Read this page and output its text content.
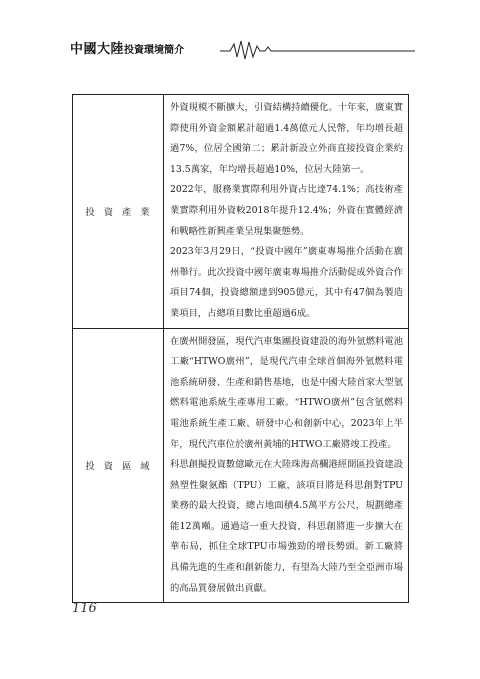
中國大陸投資環境簡介
投資產業	外資規模不斷擴大，引資結構持續優化。十年來，廣東實際使用外資金額累計超過1.4萬億元人民幣，年均增長超過7%，位居全國第二；累計新設立外商直接投資企業約13.5萬家，年均增長超過10%，位居大陸第一。

2022年，服務業實際利用外資占比達74.1%；高技術產業實際利用外資較2018年提升12.4%；外資在實體經濟和戰略性新興產業呈現集聚態勢。

2023年3月29日，“投資中國年”廣東專場推介活動在廣州舉行。此次投資中國年廣東專場推介活動促成外資合作項目74個，投資總額達到905億元，其中有47個為製造業項目，占總項目數比重超過6成。

投資區域	在廣州開發區，現代汽車集團投資建設的海外氫燃料電池工廠“HTWO廣州”，是現代汽車全球首個海外氫燃料電池系統研發、生產和銷售基地，也是中國大陸首家大型氫燃料電池系統生產專用工廠。“HTWO廣州”包含氫燃料電池系統生產工廠、研發中心和創新中心，2023年上半年，現代汽車位於廣州黃埔的HTWO工廠將竣工投產。

科思創擬投資數億歐元在大陸珠海高欄港經開區投資建設熱塑性聚氨酯（TPU）工廠，該項目將是科思創對TPU業務的最大投資，總占地面積4.5萬平方公尺，規劃總產能12萬噸。通過這一重大投資，科思創將進一步擴大在華布局，抓住全球TPU市場強勁的增長勢頭。新工廠將具備先進的生產和創新能力，有望為大陸乃至全亞洲市場的高品質發展做出貢獻。

116
